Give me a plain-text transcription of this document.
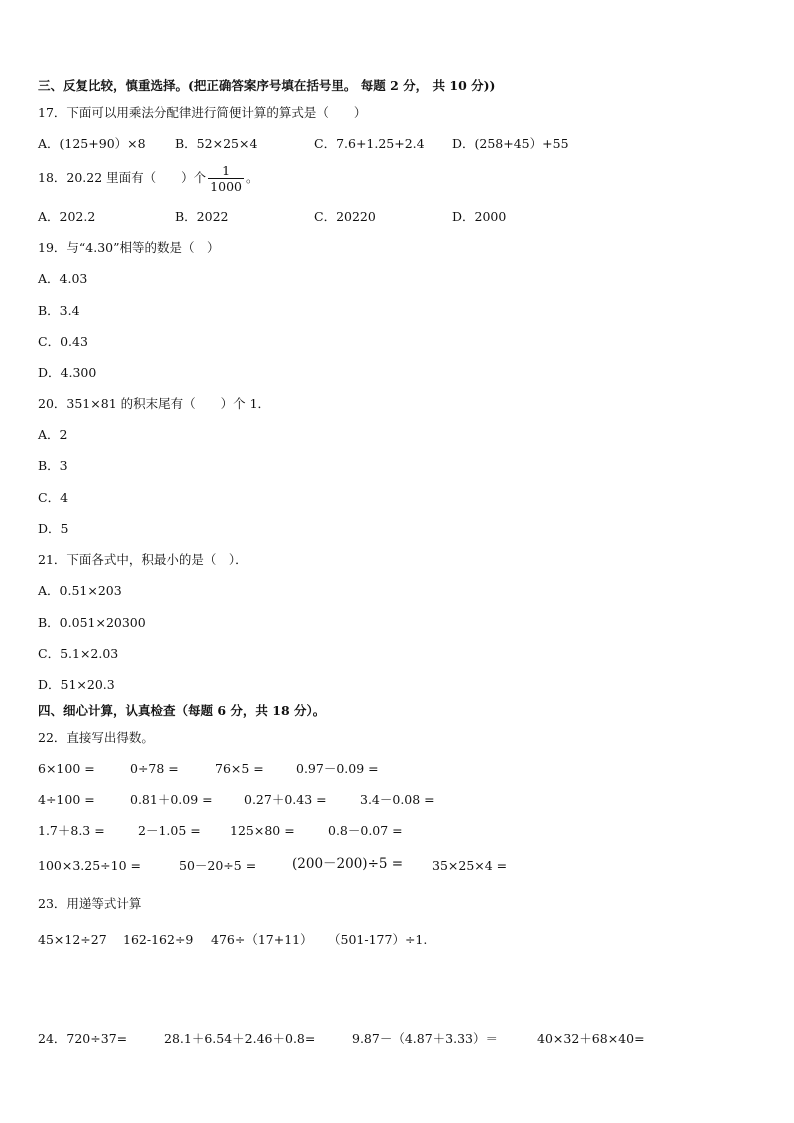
三、反复比较，慎重选择。(把正确答案序号填在括号里。 每题 2 分， 共 10 分))
17．下面可以用乘法分配律进行简便计算的算式是（　　）
A．(125+90）×8 B．52×25×4	C．7.6+1.25+2.4 D．(258+45）+55
18．20.22 里面有（　　）个 $\frac{1}{1000}$ 。
A．202.2	B．2022	C．20220	D．2000
19．与“4.30”相等的数是（　）
A．4.03
B．3.4
C．0.43
D．4.300
20．351×81 的积末尾有（　　）个 1．
A．2
B．3
C．4
D．5
21．下面各式中，积最小的是（　）．
A．0.51×203
B．0.051×20300
C．5.1×2.03
D．51×20.3
四、细心计算，认真检查（每题 6 分，共 18 分）。
22．直接写出得数。
6×100 =	0÷78 =	76×5 =	0.97－0.09 =
4÷100 =	0.81＋0.09 =	0.27＋0.43 =	3.4－0.08 =
1.7＋8.3 =	2－1.05 = 125×80 =	0.8－0.07 =
100×3.25÷10 =	50－20÷5 =	(200－200)÷5 = 35×25×4 =
23．用递等式计算
45×12÷27 162-162÷9 476÷（17+11） （501-177）÷1.
24．720÷37=	28.1＋6.54＋2.46＋0.8=	9.87－（4.87＋3.33）＝	40×32＋68×40=
